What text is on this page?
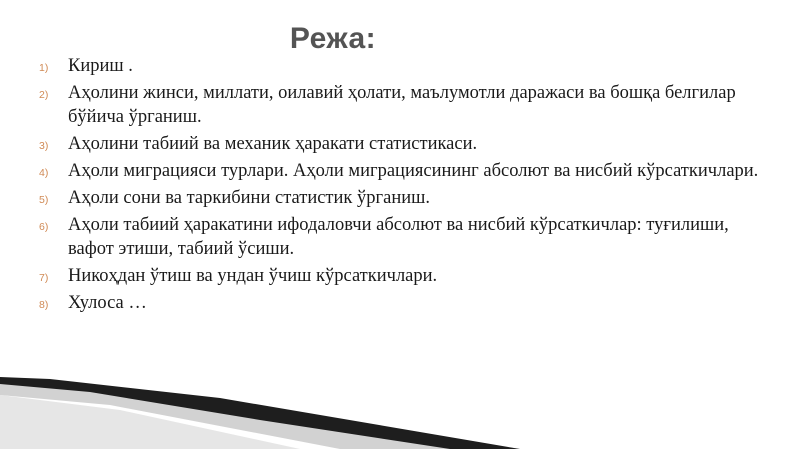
Режа:
1) Кириш .
2) Аҳолини жинси, миллати, оилавий ҳолати, маълумотли даражаси ва бошқа белгилар бўйича ўрганиш.
3) Аҳолини табиий ва механик ҳаракати статистикаси.
4) Аҳоли миграцияси турлари. Аҳоли миграциясининг абсолют ва нисбий кўрсаткичлари.
5) Аҳоли сони ва таркибини статистик ўрганиш.
6) Аҳоли табиий ҳаракатини ифодаловчи абсолют ва нисбий кўрсаткичлар: туғилиши, вафот этиши, табиий ўсиши.
7) Никоҳдан ўтиш ва ундан ўчиш кўрсаткичлари.
8) Хулоса …
